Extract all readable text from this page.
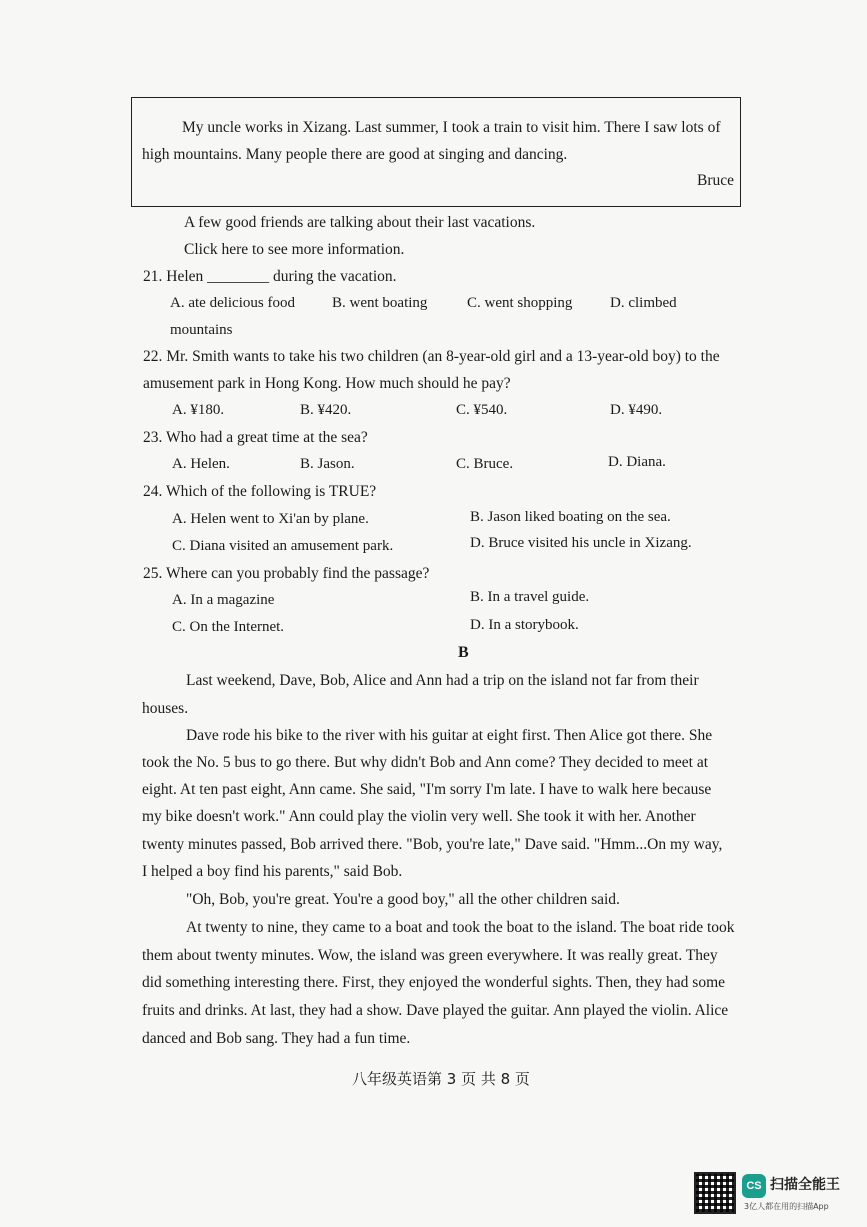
My uncle works in Xizang. Last summer, I took a train to visit him. There I saw lots of
high mountains. Many people there are good at singing and dancing.
Bruce
A few good friends are talking about their last vacations.
Click here to see more information.
21. Helen ________ during the vacation.
A. ate delicious food B. went boating	C. went shopping	D. climbed
mountains
22. Mr. Smith wants to take his two children (an 8-year-old girl and a 13-year-old boy) to the
amusement park in Hong Kong. How much should he pay?
A. ¥180.	B. ¥420.	C. ¥540.	D. ¥490.
23. Who had a great time at the sea?
A. Helen.	B. Jason.	C. Bruce.	D. Diana.
24. Which of the following is TRUE?
A. Helen went to Xi'an by plane.	B. Jason liked boating on the sea.
C. Diana visited an amusement park.	D. Bruce visited his uncle in Xizang.
25. Where can you probably find the passage?
A. In a magazine	B. In a travel guide.
C. On the Internet.	D. In a storybook.
B
Last weekend, Dave, Bob, Alice and Ann had a trip on the island not far from their
houses.
Dave rode his bike to the river with his guitar at eight first. Then Alice got there. She
took the No. 5 bus to go there. But why didn't Bob and Ann come? They decided to meet at
eight. At ten past eight, Ann came. She said, "I'm sorry I'm late. I have to walk here because
my bike doesn't work." Ann could play the violin very well. She took it with her. Another
twenty minutes passed, Bob arrived there. "Bob, you're late," Dave said. "Hmm...On my way,
I helped a boy find his parents," said Bob.
"Oh, Bob, you're great. You're a good boy," all the other children said.
At twenty to nine, they came to a boat and took the boat to the island. The boat ride took
them about twenty minutes. Wow, the island was green everywhere. It was really great. They
did something interesting there. First, they enjoyed the wonderful sights. Then, they had some
fruits and drinks. At last, they had a show. Dave played the guitar. Ann played the violin. Alice
danced and Bob sang. They had a fun time.
八年级英语第 3 页 共 8 页
CS 扫描全能王
3亿人都在用的扫描App
